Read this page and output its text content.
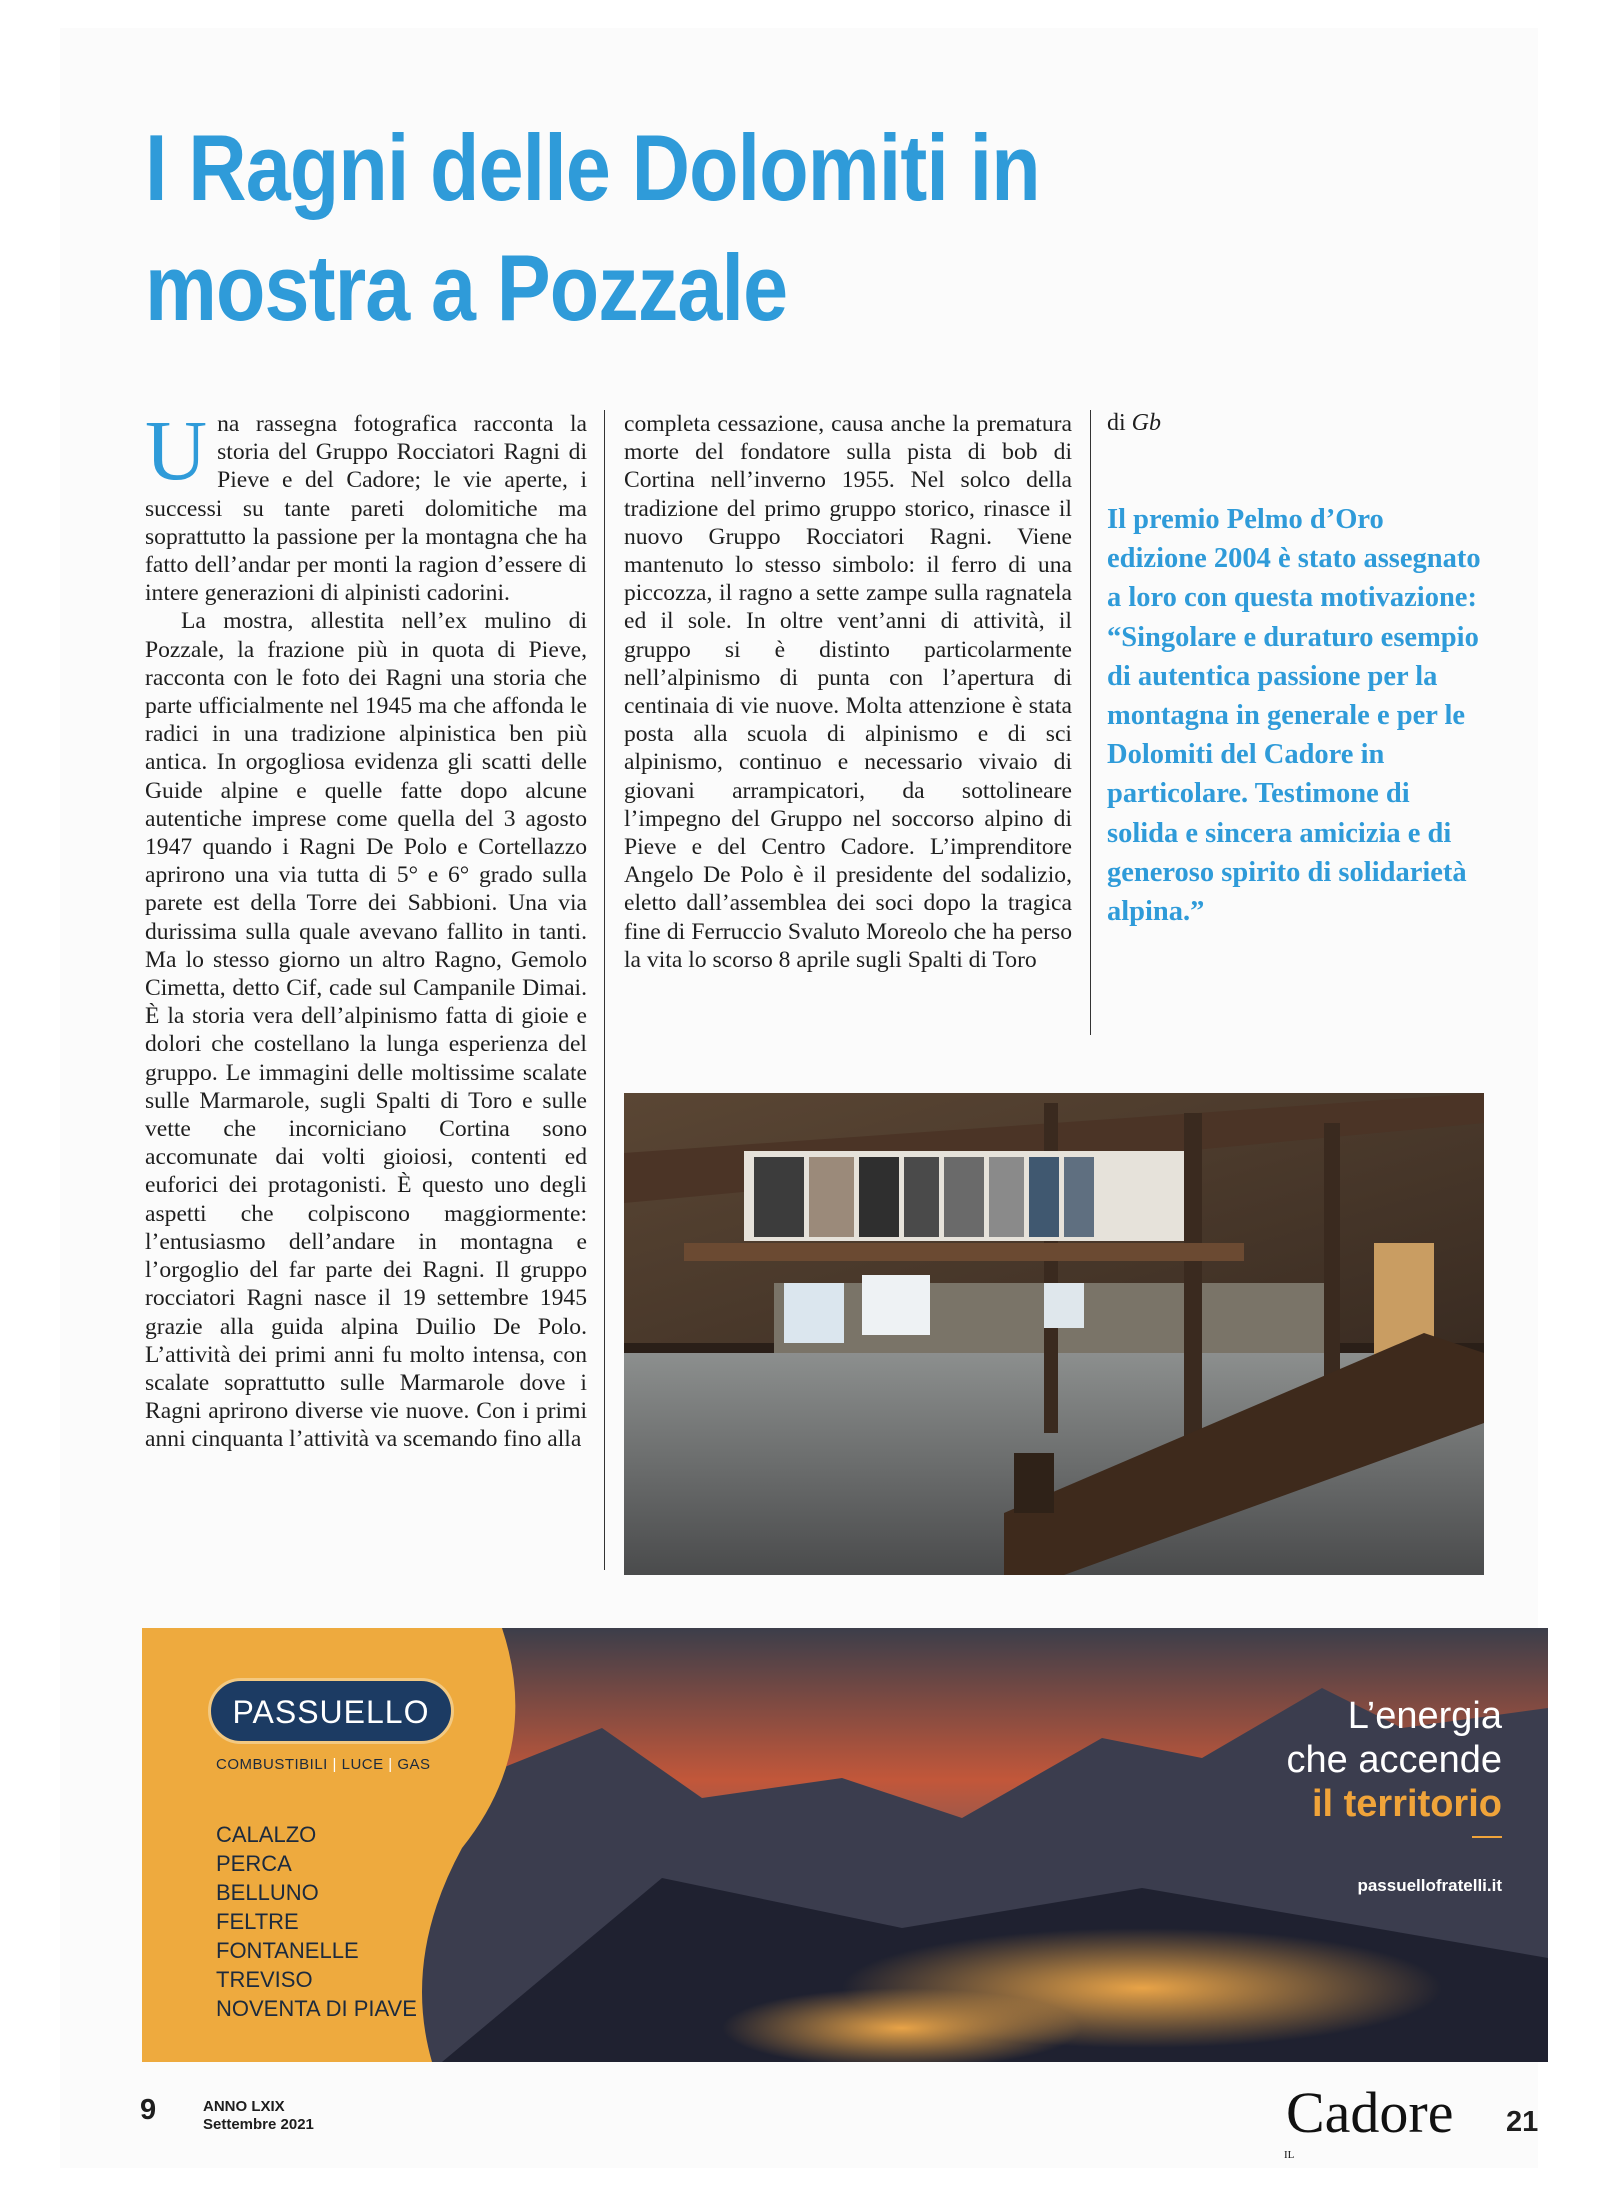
I Ragni delle Dolomiti in mostra a Pozzale
U na rassegna fotografica racconta la storia del Gruppo Rocciatori Ragni di Pieve e del Cadore; le vie aperte, i successi su tante pareti dolomitiche ma soprattutto la passione per la montagna che ha fatto dell’andar per monti la ragion d’essere di intere generazioni di alpinisti cadorini.

La mostra, allestita nell’ex mulino di Pozzale, la frazione più in quota di Pieve, racconta con le foto dei Ragni una storia che parte ufficialmente nel 1945 ma che affonda le radici in una tradizione alpinistica ben più antica. In orgogliosa evidenza gli scatti delle Guide alpine e quelle fatte dopo alcune autentiche imprese come quella del 3 agosto 1947 quando i Ragni De Polo e Cortellazzo aprirono una via tutta di 5° e 6° grado sulla parete est della Torre dei Sabbioni. Una via durissima sulla quale avevano fallito in tanti. Ma lo stesso giorno un altro Ragno, Gemolo Cimetta, detto Cif, cade sul Campanile Dimai. È la storia vera dell’alpinismo fatta di gioie e dolori che costellano la lunga esperienza del gruppo. Le immagini delle moltissime scalate sulle Marmarole, sugli Spalti di Toro e sulle vette che incorniciano Cortina sono accomunate dai volti gioiosi, contenti ed euforici dei protagonisti. È questo uno degli aspetti che colpiscono maggiormente: l’entusiasmo dell’andare in montagna e l’orgoglio del far parte dei Ragni. Il gruppo rocciatori Ragni nasce il 19 settembre 1945 grazie alla guida alpina Duilio De Polo. L’attività dei primi anni fu molto intensa, con scalate soprattutto sulle Marmarole dove i Ragni aprirono diverse vie nuove. Con i primi anni cinquanta l’attività va scemando fino alla

completa cessazione, causa anche la prematura morte del fondatore sulla pista di bob di Cortina nell’inverno 1955. Nel solco della tradizione del primo gruppo storico, rinasce il nuovo Gruppo Rocciatori Ragni. Viene mantenuto lo stesso simbolo: il ferro di una piccozza, il ragno a sette zampe sulla ragnatela ed il sole. In oltre vent’anni di attività, il gruppo si è distinto particolarmente nell’alpinismo di punta con l’apertura di centinaia di vie nuove. Molta attenzione è stata posta alla scuola di alpinismo e di sci alpinismo, continuo e necessario vivaio di giovani arrampicatori, da sottolineare l’impegno del Gruppo nel soccorso alpino di Pieve e del Centro Cadore. L’imprenditore Angelo De Polo è il presidente del sodalizio, eletto dall’assemblea dei soci dopo la tragica fine di Ferruccio Svaluto Moreolo che ha perso la vita lo scorso 8 aprile sugli Spalti di Toro

di Gb
Il premio Pelmo d’Oro edizione 2004 è stato assegnato a loro con questa motivazione: “Singolare e duraturo esempio di autentica passione per la montagna in generale e per le Dolomiti del Cadore in particolare. Testimone di solida e sincera amicizia e di generoso spirito di solidarietà alpina.”
PASSUELLO
COMBUSTIBILI | LUCE | GAS
CALALZO
PERCA
BELLUNO
FELTRE
FONTANELLE
TREVISO
NOVENTA DI PIAVE
L’energia
che accende
il territorio
passuellofratelli.it
9	ANNO LXIX
Settembre 2021
IL
Cadore 21
